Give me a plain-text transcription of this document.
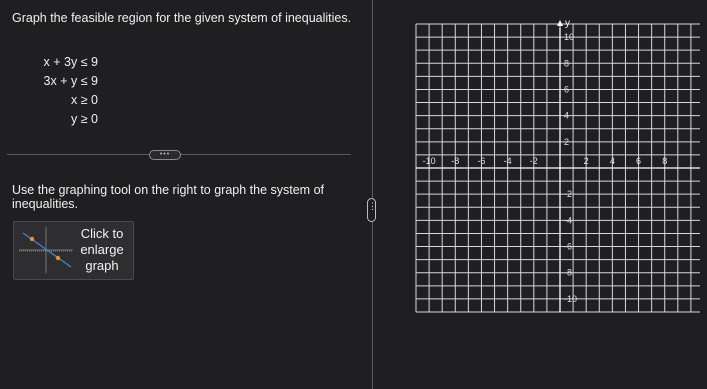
Graph the feasible region for the given system of inequalities.
x + 3y ≤ 9
3x + y ≤ 9
x ≥ 0
y ≥ 0
•••
Use the graphing tool on the right to graph the system of inequalities.
Click to enlarge graph
⋮
y
-10 -8 -6 -4 -2	2 4 6 8
10
8
6
4
2
-2
-4
-6
-8
-10
